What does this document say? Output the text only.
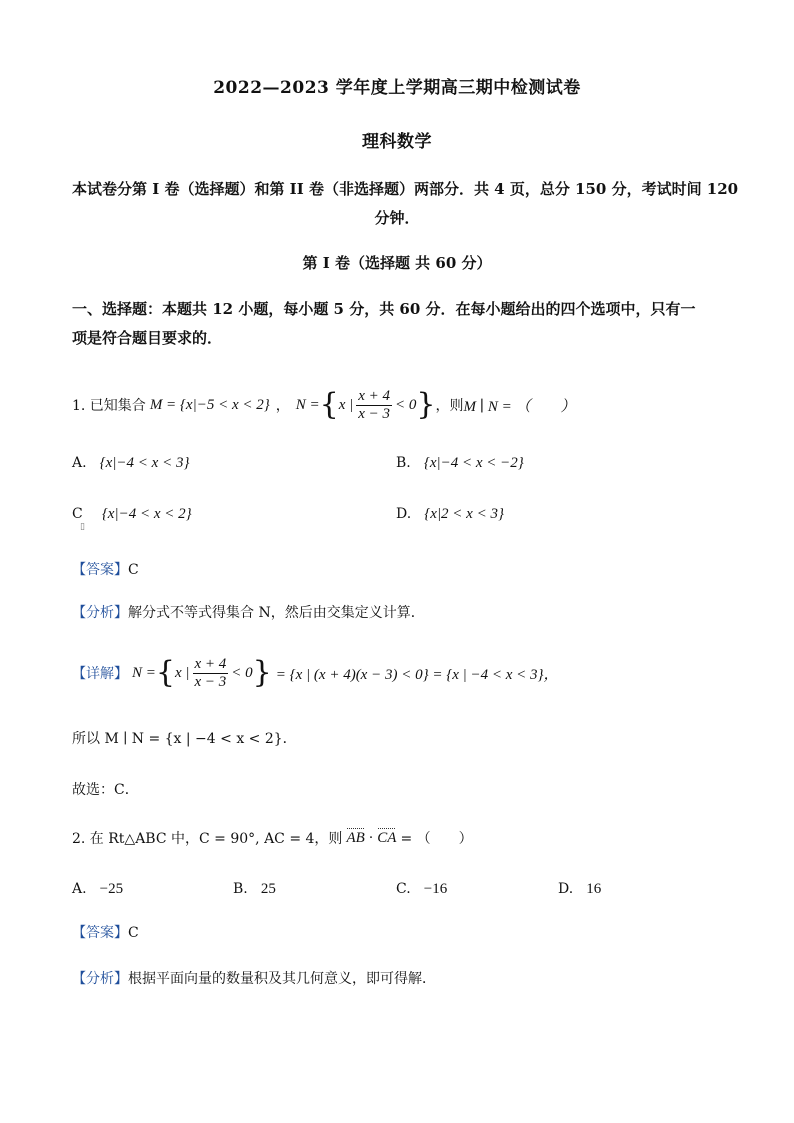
2022—2023 学年度上学期高三期中检测试卷
理科数学
本试卷分第 I 卷（选择题）和第 II 卷（非选择题）两部分．共 4 页，总分 150 分，考试时间 120
分钟．
第 I 卷（选择题 共 60 分）
一、选择题：本题共 12 小题，每小题 5 分，共 60 分．在每小题给出的四个选项中，只有一
项是符合题目要求的．
1. 已知集合 M = {x|−5 < x < 2} ， N = { x | $\frac{x + 4}{x - 3} < 0$ } ，则 M ∣ N = （　　）
A. {x|−4 < x < 3}	B. {x|−4 < x < −2}
C {x|−4 < x < 2}
▯
D. {x|2 < x < 3}
【答案】C
【分析】解分式不等式得集合 N，然后由交集定义计算．
【详解】 N = { x | $\frac{x + 4}{x - 3} < 0$ } = {x | (x + 4)(x − 3) < 0} = {x | −4 < x < 3}，
所以 M ∣ N = {x | −4 < x < 2}．
故选：C．
2. 在 Rt△ABC 中，C = 90°, AC = 4，则 AB · CA = （　　）
A. −25	B. 25	C. −16	D. 16
【答案】C
【分析】根据平面向量的数量积及其几何意义，即可得解．
